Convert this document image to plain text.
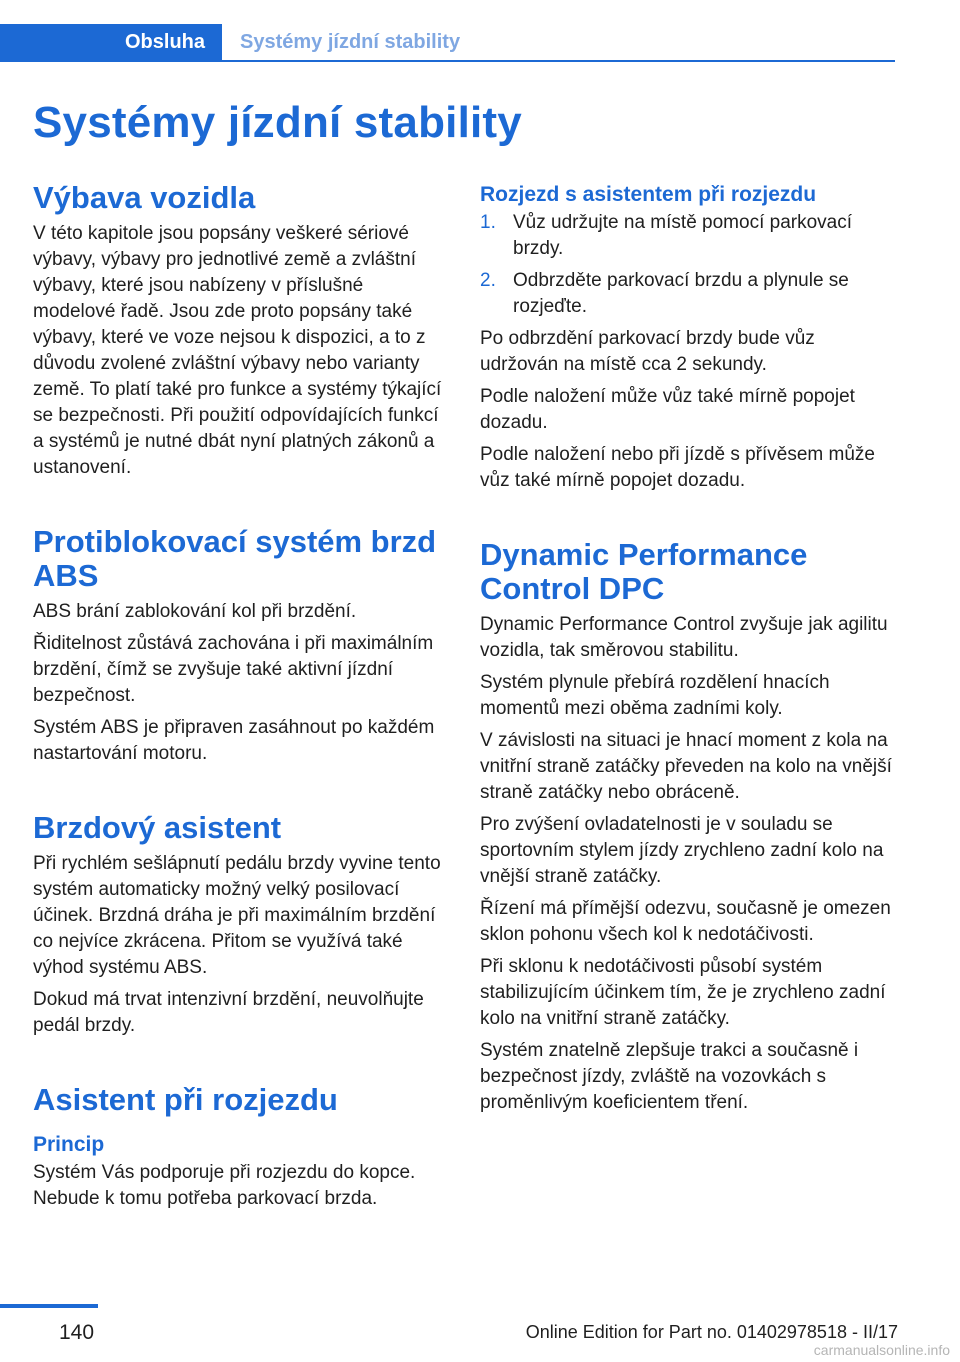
Obsluha	Systémy jízdní stability
Systémy jízdní stability
Výbava vozidla

V této kapitole jsou popsány veškeré sériové výbavy, výbavy pro jednotlivé země a zvláštní výbavy, které jsou nabízeny v příslušné modelové řadě. Jsou zde proto popsány také výbavy, které ve voze nejsou k dispozici, a to z důvodu zvolené zvláštní výbavy nebo varianty země. To platí také pro funkce a systémy týkající se bezpečnosti. Při použití odpovídajících funkcí a systémů je nutné dbát nyní platných zákonů a ustanovení.

Protiblokovací systém brzd ABS

ABS brání zablokování kol při brzdění.

Řiditelnost zůstává zachována i při maximálním brzdění, čímž se zvyšuje také aktivní jízdní bezpečnost.

Systém ABS je připraven zasáhnout po každém nastartování motoru.

Brzdový asistent

Při rychlém sešlápnutí pedálu brzdy vyvine tento systém automaticky možný velký posilovací účinek. Brzdná dráha je při maximálním brzdění co nejvíce zkrácena. Přitom se využívá také výhod systému ABS.

Dokud má trvat intenzivní brzdění, neuvolňujte pedál brzdy.

Asistent při rozjezdu
Princip

Systém Vás podporuje při rozjezdu do kopce. Nebude k tomu potřeba parkovací brzda.

Rozjezd s asistentem při rozjezdu
1. Vůz udržujte na místě pomocí parkovací brzdy.
2. Odbrzděte parkovací brzdu a plynule se rozjeďte.

Po odbrzdění parkovací brzdy bude vůz udržován na místě cca 2 sekundy.

Podle naložení může vůz také mírně popojet dozadu.

Podle naložení nebo při jízdě s přívěsem může vůz také mírně popojet dozadu.

Dynamic Performance Control DPC

Dynamic Performance Control zvyšuje jak agilitu vozidla, tak směrovou stabilitu.

Systém plynule přebírá rozdělení hnacích momentů mezi oběma zadními koly.

V závislosti na situaci je hnací moment z kola na vnitřní straně zatáčky převeden na kolo na vnější straně zatáčky nebo obráceně.

Pro zvýšení ovladatelnosti je v souladu se sportovním stylem jízdy zrychleno zadní kolo na vnější straně zatáčky.

Řízení má přímější odezvu, současně je omezen sklon pohonu všech kol k nedotáčivosti.

Při sklonu k nedotáčivosti působí systém stabilizujícím účinkem tím, že je zrychleno zadní kolo na vnitřní straně zatáčky.

Systém znatelně zlepšuje trakci a současně i bezpečnost jízdy, zvláště na vozovkách s proměnlivým koeficientem tření.

140	Online Edition for Part no. 01402978518 - II/17
carmanualsonline.info
